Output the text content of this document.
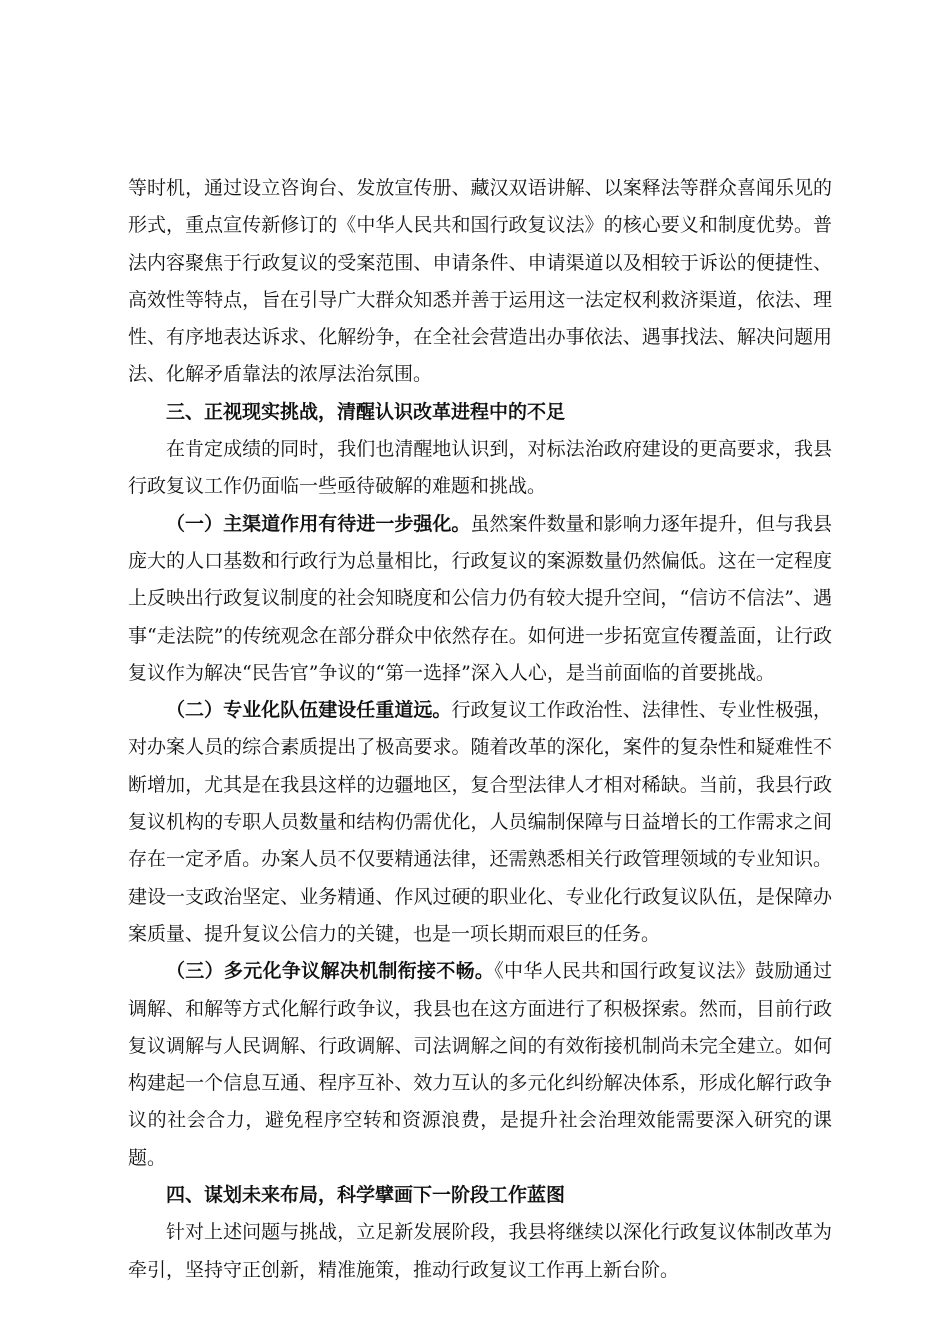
等时机，通过设立咨询台、发放宣传册、藏汉双语讲解、以案释法等群众喜闻乐见的形式，重点宣传新修订的《中华人民共和国行政复议法》的核心要义和制度优势。普法内容聚焦于行政复议的受案范围、申请条件、申请渠道以及相较于诉讼的便捷性、高效性等特点，旨在引导广大群众知悉并善于运用这一法定权利救济渠道，依法、理性、有序地表达诉求、化解纷争，在全社会营造出办事依法、遇事找法、解决问题用法、化解矛盾靠法的浓厚法治氛围。

三、正视现实挑战，清醒认识改革进程中的不足

在肯定成绩的同时，我们也清醒地认识到，对标法治政府建设的更高要求，我县行政复议工作仍面临一些亟待破解的难题和挑战。

（一）主渠道作用有待进一步强化。虽然案件数量和影响力逐年提升，但与我县庞大的人口基数和行政行为总量相比，行政复议的案源数量仍然偏低。这在一定程度上反映出行政复议制度的社会知晓度和公信力仍有较大提升空间，“信访不信法”、遇事“走法院”的传统观念在部分群众中依然存在。如何进一步拓宽宣传覆盖面，让行政复议作为解决“民告官”争议的“第一选择”深入人心，是当前面临的首要挑战。

（二）专业化队伍建设任重道远。行政复议工作政治性、法律性、专业性极强，对办案人员的综合素质提出了极高要求。随着改革的深化，案件的复杂性和疑难性不断增加，尤其是在我县这样的边疆地区，复合型法律人才相对稀缺。当前，我县行政复议机构的专职人员数量和结构仍需优化，人员编制保障与日益增长的工作需求之间存在一定矛盾。办案人员不仅要精通法律，还需熟悉相关行政管理领域的专业知识。建设一支政治坚定、业务精通、作风过硬的职业化、专业化行政复议队伍，是保障办案质量、提升复议公信力的关键，也是一项长期而艰巨的任务。

（三）多元化争议解决机制衔接不畅。《中华人民共和国行政复议法》鼓励通过调解、和解等方式化解行政争议，我县也在这方面进行了积极探索。然而，目前行政复议调解与人民调解、行政调解、司法调解之间的有效衔接机制尚未完全建立。如何构建起一个信息互通、程序互补、效力互认的多元化纠纷解决体系，形成化解行政争议的社会合力，避免程序空转和资源浪费，是提升社会治理效能需要深入研究的课题。

四、谋划未来布局，科学擘画下一阶段工作蓝图

针对上述问题与挑战，立足新发展阶段，我县将继续以深化行政复议体制改革为牵引，坚持守正创新，精准施策，推动行政复议工作再上新台阶。
